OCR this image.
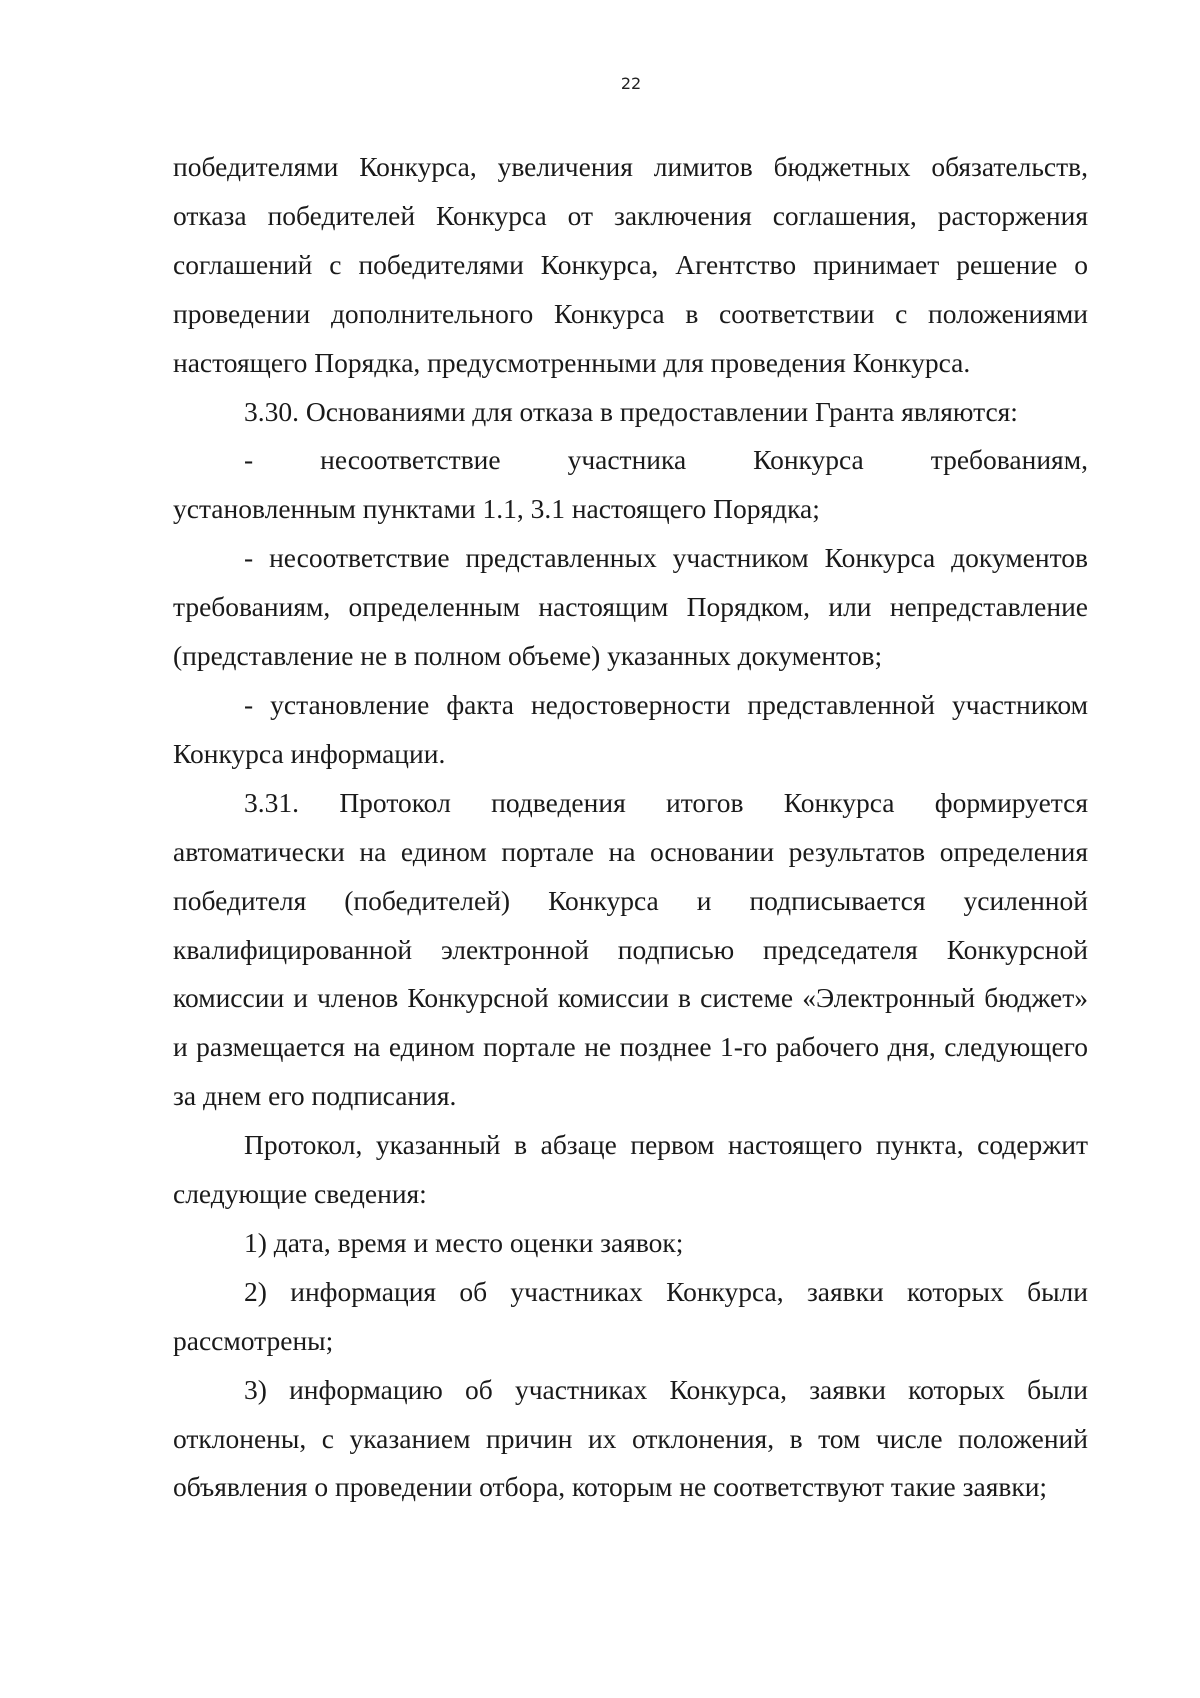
22

победителями Конкурса, увеличения лимитов бюджетных обязательств, отказа победителей Конкурса от заключения соглашения, расторжения соглашений с победителями Конкурса, Агентство принимает решение о проведении дополнительного Конкурса в соответствии с положениями настоящего Порядка, предусмотренными для проведения Конкурса.

3.30. Основаниями для отказа в предоставлении Гранта являются:

- несоответствие участника Конкурса требованиям,

установленным пунктами 1.1, 3.1 настоящего Порядка;

- несоответствие представленных участником Конкурса документов требованиям, определенным настоящим Порядком, или непредставление (представление не в полном объеме) указанных документов;

- установление факта недостоверности представленной участником Конкурса информации.

3.31. Протокол подведения итогов Конкурса формируется автоматически на едином портале на основании результатов определения победителя (победителей) Конкурса и подписывается усиленной квалифицированной электронной подписью председателя Конкурсной комиссии и членов Конкурсной комиссии в системе «Электронный бюджет» и размещается на едином портале не позднее 1-го рабочего дня, следующего за днем его подписания.

Протокол, указанный в абзаце первом настоящего пункта, содержит следующие сведения:

1) дата, время и место оценки заявок;

2) информация об участниках Конкурса, заявки которых были рассмотрены;

3) информацию об участниках Конкурса, заявки которых были отклонены, с указанием причин их отклонения, в том числе положений объявления о проведении отбора, которым не соответствуют такие заявки;
